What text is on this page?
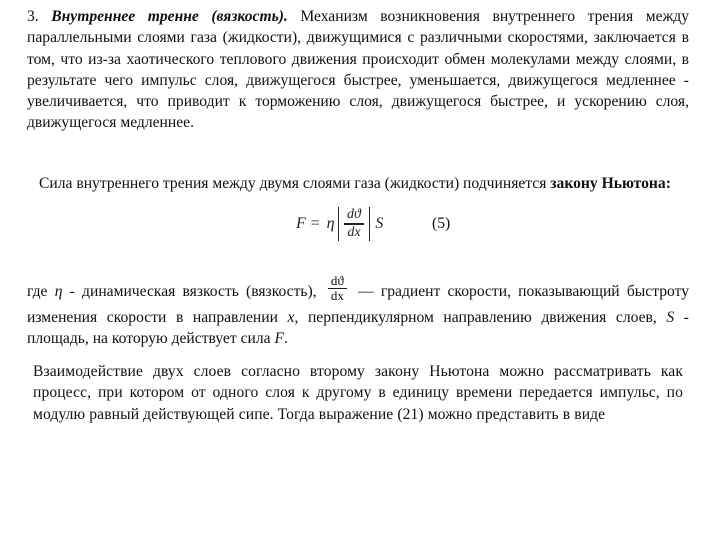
3. Внутреннее тренне (вязкость). Механизм возникновения внутреннего трения между параллельными слоями газа (жидкости), движущимися с различными скоростями, заключается в том, что из-за хаотического теплового движения происходит обмен молекулами между слоями, в результате чего импульс слоя, движущегося быстрее, уменьшается, движущегося медленнее - увеличивается, что приводит к торможению слоя, движущегося быстрее, и ускорению слоя, движущегося медленнее.

Сила внутреннего трения между двумя слоями газа (жидкости) подчиняется закону Ньютона:

F = η $\frac{dϑ}{dx}$ S	(5)

где η - динамическая вязкость (вязкость), $\frac{dϑ}{dx}$ — градиент скорости, показывающий быстроту изменения скорости в направлении x, перпендикулярном направлению движения слоев, S - площадь, на которую действует сила F.

Взаимодействие двух слоев согласно второму закону Ньютона можно рассматривать как процесс, при котором от одного слоя к другому в единицу времени передается импульс, по модулю равный действующей сипе. Тогда выражение (21) можно представить в виде
